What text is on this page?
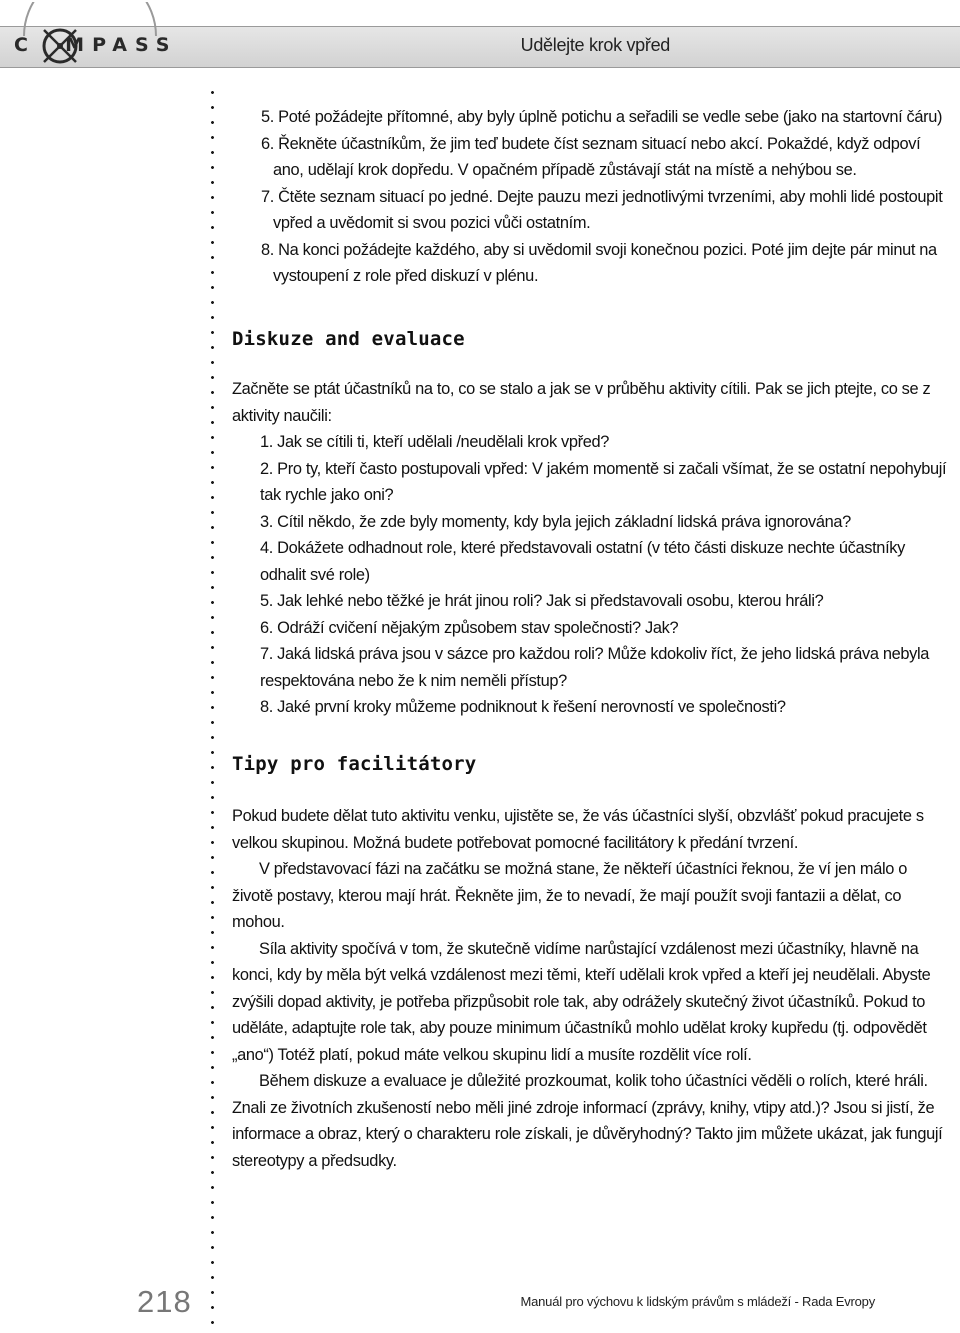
C  MPASS	Udělejte krok vpřed
5. Poté požádejte přítomné, aby byly úplně potichu a seřadili se vedle sebe (jako na startovní čáru)
6. Řekněte účastníkům, že jim teď budete číst seznam situací nebo akcí. Pokaždé, když odpoví ano, udělají krok dopředu. V opačném případě zůstávají stát na místě a nehýbou se.
7. Čtěte seznam situací po jedné. Dejte pauzu mezi jednotlivými tvrzeními, aby mohli lidé postoupit vpřed a uvědomit si svou pozici vůči ostatním.
8. Na konci požádejte každého, aby si uvědomil svoji konečnou pozici. Poté jim dejte pár minut na vystoupení z role před diskuzí v plénu.
Diskuze and evaluace

Začněte se ptát účastníků na to, co se stalo a jak se v průběhu aktivity cítili. Pak se jich ptejte, co se z aktivity naučili:

1. Jak se cítili ti, kteří udělali /neudělali krok vpřed?
2. Pro ty, kteří často postupovali vpřed: V jakém momentě si začali všímat, že se ostatní nepohybují tak rychle jako oni?
3. Cítil někdo, že zde byly momenty, kdy byla jejich základní lidská práva ignorována?
4. Dokážete odhadnout role, které představovali ostatní (v této části diskuze nechte účastníky odhalit své role)
5. Jak lehké nebo těžké je hrát jinou roli? Jak si představovali osobu, kterou hráli?
6. Odráží cvičení nějakým způsobem stav společnosti? Jak?
7. Jaká lidská práva jsou v sázce pro každou roli? Může kdokoliv říct, že jeho lidská práva nebyla respektována nebo že k nim neměli přístup?
8. Jaké první kroky můžeme podniknout k řešení nerovností ve společnosti?
Tipy pro facilitátory

Pokud budete dělat tuto aktivitu venku, ujistěte se, že vás účastníci slyší, obzvlášť pokud pracujete s velkou skupinou. Možná budete potřebovat pomocné facilitátory k předání tvrzení.

V představovací fázi na začátku se možná stane, že někteří účastníci řeknou, že ví jen málo o životě postavy, kterou mají hrát. Řekněte jim, že to nevadí, že mají použít svoji fantazii a dělat, co mohou.

Síla aktivity spočívá v tom, že skutečně vidíme narůstající vzdálenost mezi účastníky, hlavně na konci, kdy by měla být velká vzdálenost mezi těmi, kteří udělali krok vpřed a kteří jej neudělali. Abyste zvýšili dopad aktivity, je potřeba přizpůsobit role tak, aby odrážely skutečný život účastníků. Pokud to uděláte, adaptujte role tak, aby pouze minimum účastníků mohlo udělat kroky kupředu (tj. odpovědět „ano“) Totéž platí, pokud máte velkou skupinu lidí a musíte rozdělit více rolí.

Během diskuze a evaluace je důležité prozkoumat, kolik toho účastníci věděli o rolích, které hráli. Znali ze životních zkušeností nebo měli jiné zdroje informací (zprávy, knihy, vtipy atd.)? Jsou si jistí, že informace a obraz, který o charakteru role získali, je důvěryhodný? Takto jim můžete ukázat, jak fungují stereotypy a předsudky.

218	Manuál pro výchovu k lidským právům s mládeží - Rada Evropy
